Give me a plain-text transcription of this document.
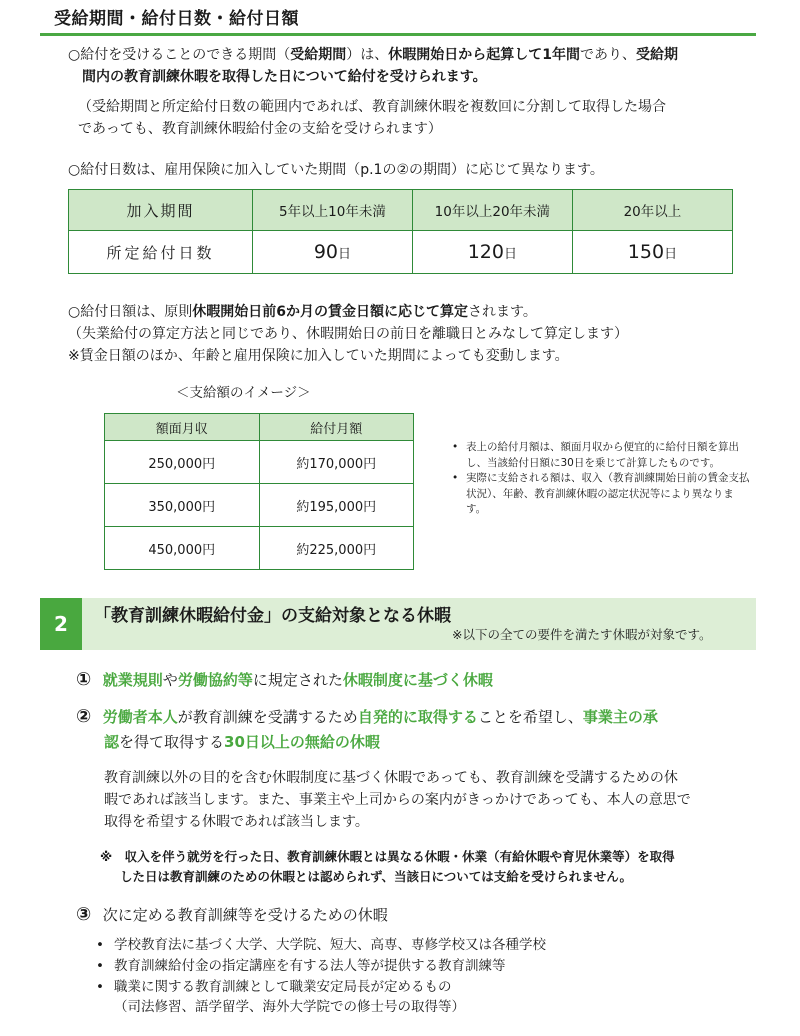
受給期間・給付日数・給付日額
○給付を受けることのできる期間（受給期間）は、休暇開始日から起算して1年間であり、受給期
間内の教育訓練休暇を取得した日について給付を受けられます。
（受給期間と所定給付日数の範囲内であれば、教育訓練休暇を複数回に分割して取得した場合
であっても、教育訓練休暇給付金の支給を受けられます）
○給付日数は、雇用保険に加入していた期間（p.1の②の期間）に応じて異なります。
加入期間	5年以上10年未満	10年以上20年未満	20年以上
所定給付日数	90日	120日	150日
○給付日額は、原則休暇開始日前6か月の賃金日額に応じて算定されます。
（失業給付の算定方法と同じであり、休暇開始日の前日を離職日とみなして算定します）
※賃金日額のほか、年齢と雇用保険に加入していた期間によっても変動します。
＜支給額のイメージ＞
額面月収	給付月額
250,000円	約170,000円
350,000円	約195,000円
450,000円	約225,000円
• 表上の給付月額は、額面月収から便宜的に給付日額を算出し、当該給付日額に30日を乗じて計算したものです。
• 実際に支給される額は、収入（教育訓練開始日前の賃金支払状況）、年齢、教育訓練休暇の認定状況等により異なります。
2	「教育訓練休暇給付金」の支給対象となる休暇
※以下の全ての要件を満たす休暇が対象です。
① 就業規則や労働協約等に規定された休暇制度に基づく休暇
② 労働者本人が教育訓練を受講するため自発的に取得することを希望し、事業主の承
認を得て取得する30日以上の無給の休暇
教育訓練以外の目的を含む休暇制度に基づく休暇であっても、教育訓練を受講するための休
暇であれば該当します。また、事業主や上司からの案内がきっかけであっても、本人の意思で
取得を希望する休暇であれば該当します。
※　収入を伴う就労を行った日、教育訓練休暇とは異なる休暇・休業（有給休暇や育児休業等）を取得
した日は教育訓練のための休暇とは認められず、当該日については支給を受けられません。
③ 次に定める教育訓練等を受けるための休暇
• 学校教育法に基づく大学、大学院、短大、高専、専修学校又は各種学校
• 教育訓練給付金の指定講座を有する法人等が提供する教育訓練等
• 職業に関する教育訓練として職業安定局長が定めるもの
（司法修習、語学留学、海外大学院での修士号の取得等）
